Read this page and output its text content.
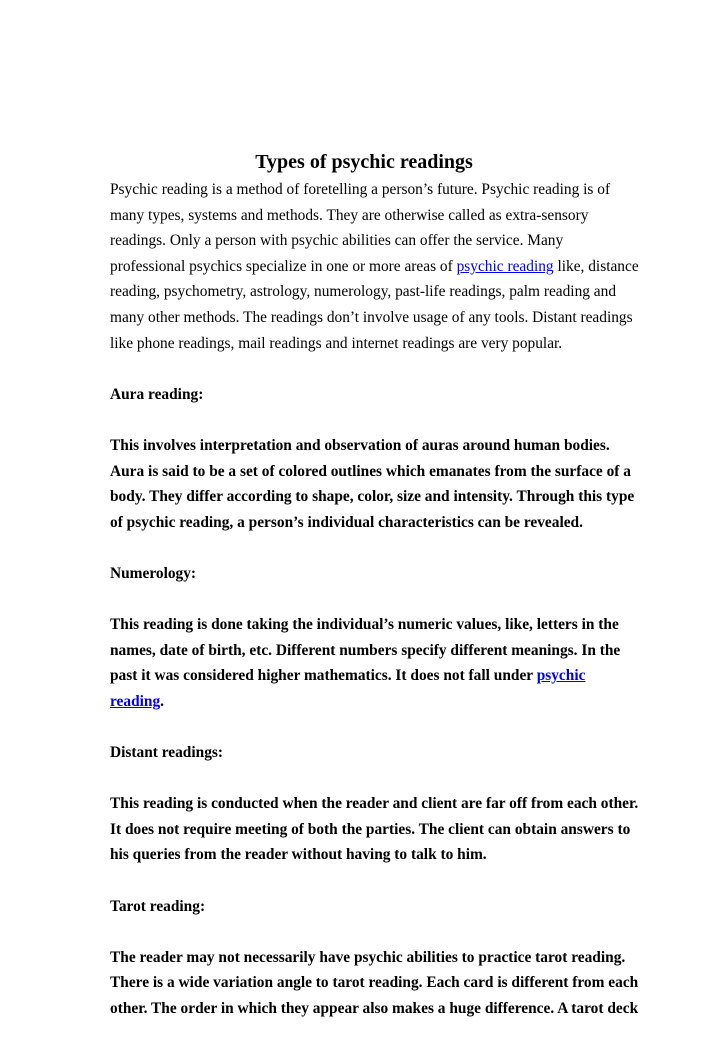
Types of psychic readings

Psychic reading is a method of foretelling a person’s future. Psychic reading is of many types, systems and methods. They are otherwise called as extra-sensory readings. Only a person with psychic abilities can offer the service. Many professional psychics specialize in one or more areas of psychic reading like, distance reading, psychometry, astrology, numerology, past-life readings, palm reading and many other methods. The readings don’t involve usage of any tools. Distant readings like phone readings, mail readings and internet readings are very popular.

Aura reading:

This involves interpretation and observation of auras around human bodies. Aura is said to be a set of colored outlines which emanates from the surface of a body. They differ according to shape, color, size and intensity. Through this type of psychic reading, a person’s individual characteristics can be revealed.

Numerology:

This reading is done taking the individual’s numeric values, like, letters in the names, date of birth, etc. Different numbers specify different meanings. In the past it was considered higher mathematics. It does not fall under psychic reading.

Distant readings:

This reading is conducted when the reader and client are far off from each other. It does not require meeting of both the parties. The client can obtain answers to his queries from the reader without having to talk to him.

Tarot reading:

The reader may not necessarily have psychic abilities to practice tarot reading. There is a wide variation angle to tarot reading. Each card is different from each other. The order in which they appear also makes a huge difference. A tarot deck
